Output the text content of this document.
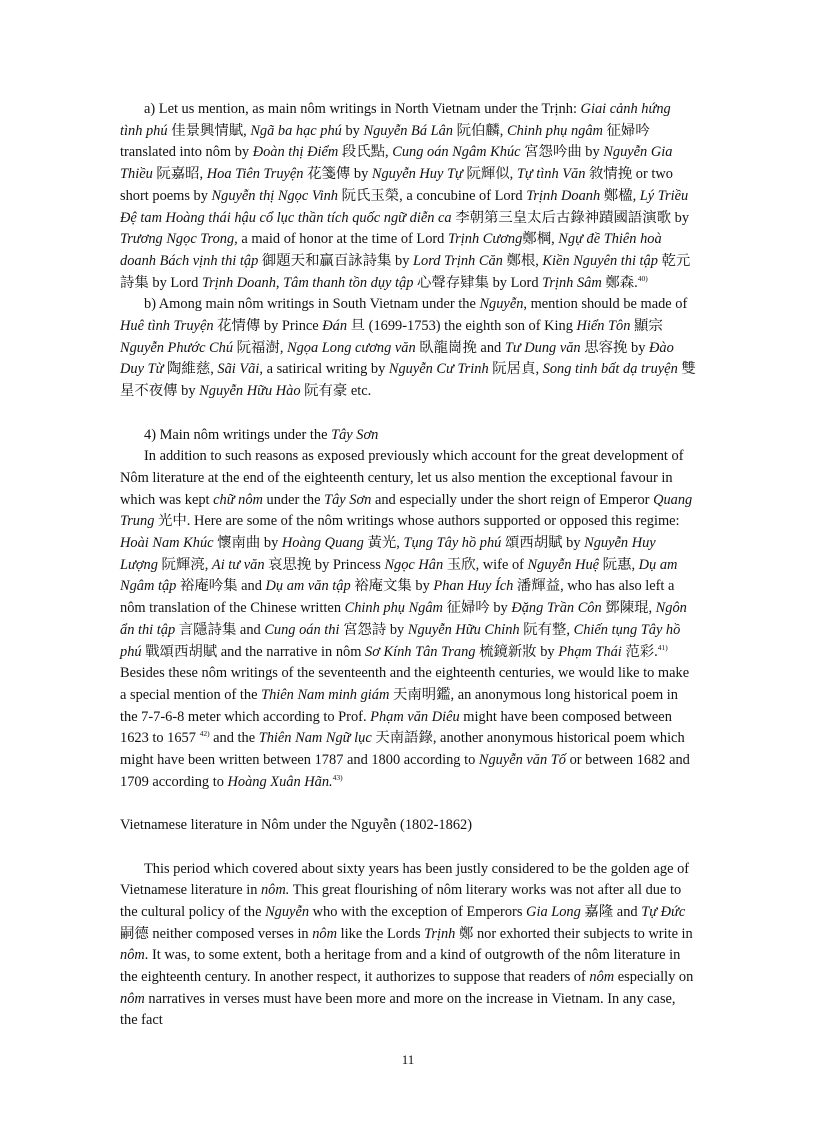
a) Let us mention, as main nôm writings in North Vietnam under the Trịnh: Giai cảnh hứng tình phú 佳景興情賦, Ngã ba hạc phú by Nguyễn Bá Lân 阮伯麟, Chinh phụ ngâm 征婦吟 translated into nôm by Đoàn thị Điểm 段氏點, Cung oán Ngâm Khúc 宮怨吟曲 by Nguyễn Gia Thiều 阮嘉昭, Hoa Tiên Truyện 花箋傳 by Nguyễn Huy Tự 阮輝似, Tự tình Văn 敘情挽 or two short poems by Nguyễn thị Ngọc Vinh 阮氏玉榮, a concubine of Lord Trịnh Doanh 鄭楹, Lý Triều Đệ tam Hoàng thái hậu cổ lục thần tích quốc ngữ diễn ca 李朝第三皇太后古錄神蹟國語演歌 by Trương Ngọc Trong, a maid of honor at the time of Lord Trịnh Cương鄭棡, Ngự đề Thiên hoà doanh Bách vịnh thi tập 御題天和贏百詠詩集 by Lord Trịnh Căn 鄭根, Kiền Nguyên thi tập 乾元詩集 by Lord Trịnh Doanh, Tâm thanh tồn dụy tập 心聲存肄集 by Lord Trịnh Sâm 鄭森.$^{40)}$

b) Among main nôm writings in South Vietnam under the Nguyễn, mention should be made of Huê tình Truyện 花情傳 by Prince Đán 旦 (1699-1753) the eighth son of King Hiển Tôn 顯宗 Nguyễn Phước Chú 阮福澍, Ngọa Long cương văn 臥龍崗挽 and Tư Dung văn 思容挽 by Đào Duy Từ 陶維慈, Sãi Vãi, a satirical writing by Nguyễn Cư Trinh 阮居貞, Song tinh bất dạ truyện 雙星不夜傳 by Nguyễn Hữu Hào 阮有豪 etc.

4) Main nôm writings under the Tây Sơn

In addition to such reasons as exposed previously which account for the great development of Nôm literature at the end of the eighteenth century, let us also mention the exceptional favour in which was kept chữ nôm under the Tây Sơn and especially under the short reign of Emperor Quang Trung 光中. Here are some of the nôm writings whose authors supported or opposed this regime: Hoài Nam Khúc 懷南曲 by Hoàng Quang 黃光, Tụng Tây hồ phú 頌西胡賦 by Nguyễn Huy Lượng 阮輝湸, Ai tư văn 哀思挽 by Princess Ngọc Hân 玉欣, wife of Nguyễn Huệ 阮惠, Dụ am Ngâm tập 裕庵吟集 and Dụ am văn tập 裕庵文集 by Phan Huy Ích 潘輝益, who has also left a nôm translation of the Chinese written Chinh phụ Ngâm 征婦吟 by Đặng Trần Côn 鄧陳琨, Ngôn ẩn thi tập 言隱詩集 and Cung oán thi 宮怨詩 by Nguyễn Hữu Chỉnh 阮有整, Chiến tụng Tây hồ phú 戰頌西胡賦 and the narrative in nôm Sơ Kính Tân Trang 梳鏡新妝 by Phạm Thái 范彩.$^{41)}$ Besides these nôm writings of the seventeenth and the eighteenth centuries, we would like to make a special mention of the Thiên Nam minh giám 天南明鑑, an anonymous long historical poem in the 7-7-6-8 meter which according to Prof. Phạm văn Diêu might have been composed between 1623 to 1657 $^{42)}$ and the Thiên Nam Ngữ lục 天南語錄, another anonymous historical poem which might have been written between 1787 and 1800 according to Nguyễn văn Tố or between 1682 and 1709 according to Hoàng Xuân Hãn.$^{43)}$

Vietnamese literature in Nôm under the Nguyễn (1802-1862)

This period which covered about sixty years has been justly considered to be the golden age of Vietnamese literature in nôm. This great flourishing of nôm literary works was not after all due to the cultural policy of the Nguyễn who with the exception of Emperors Gia Long 嘉隆 and Tự Đức 嗣德 neither composed verses in nôm like the Lords Trịnh 鄭 nor exhorted their subjects to write in nôm. It was, to some extent, both a heritage from and a kind of outgrowth of the nôm literature in the eighteenth century. In another respect, it authorizes to suppose that readers of nôm especially on nôm narratives in verses must have been more and more on the increase in Vietnam. In any case, the fact

11
